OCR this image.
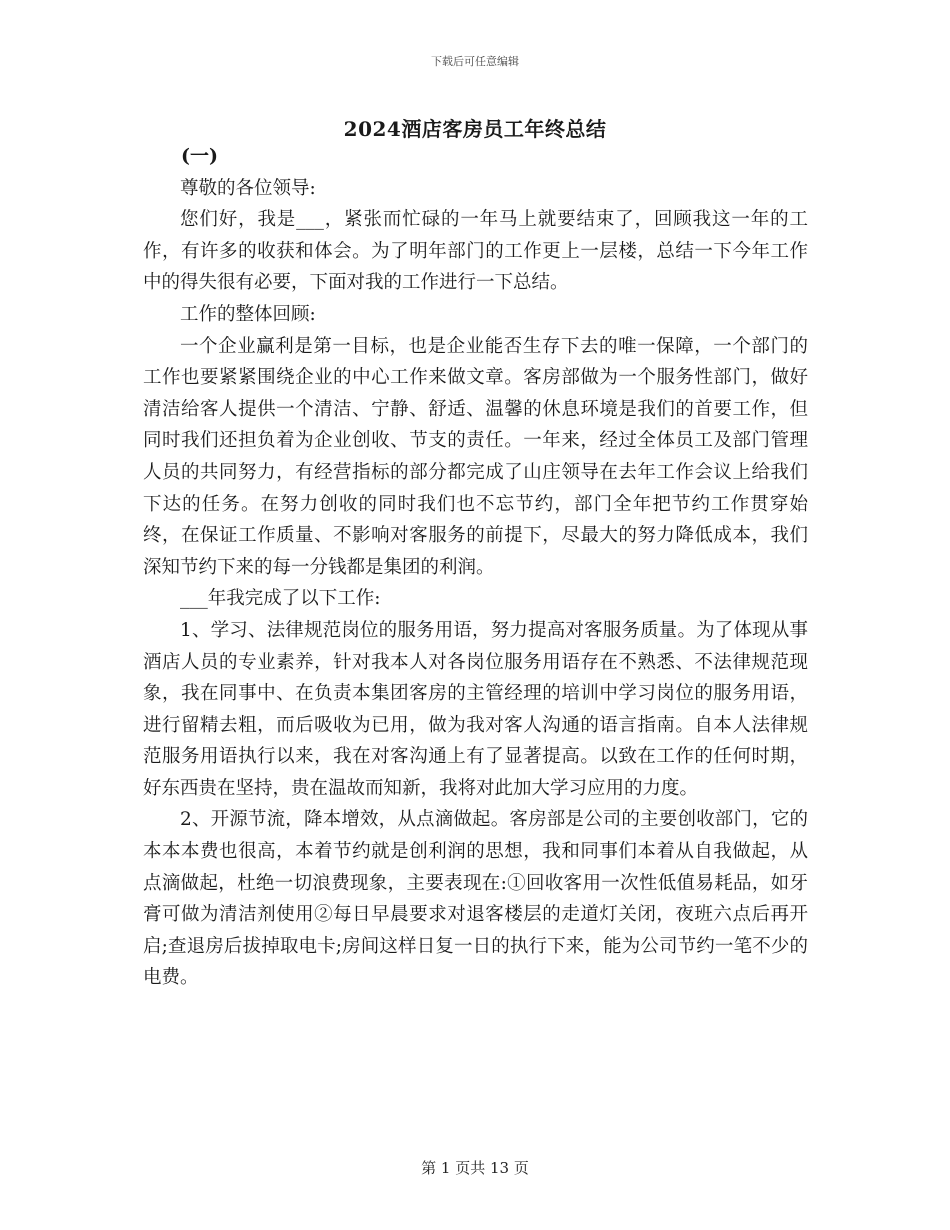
下载后可任意编辑
2024酒店客房员工年终总结

(一)

尊敬的各位领导:

您们好，我是___，紧张而忙碌的一年马上就要结束了，回顾我这一年的工作，有许多的收获和体会。为了明年部门的工作更上一层楼，总结一下今年工作中的得失很有必要，下面对我的工作进行一下总结。

工作的整体回顾:

一个企业赢利是第一目标，也是企业能否生存下去的唯一保障，一个部门的工作也要紧紧围绕企业的中心工作来做文章。客房部做为一个服务性部门，做好清洁给客人提供一个清洁、宁静、舒适、温馨的休息环境是我们的首要工作，但同时我们还担负着为企业创收、节支的责任。一年来，经过全体员工及部门管理人员的共同努力，有经营指标的部分都完成了山庄领导在去年工作会议上给我们下达的任务。在努力创收的同时我们也不忘节约，部门全年把节约工作贯穿始终，在保证工作质量、不影响对客服务的前提下，尽最大的努力降低成本，我们深知节约下来的每一分钱都是集团的利润。

___年我完成了以下工作:

1、学习、法律规范岗位的服务用语，努力提高对客服务质量。为了体现从事酒店人员的专业素养，针对我本人对各岗位服务用语存在不熟悉、不法律规范现象，我在同事中、在负责本集团客房的主管经理的培训中学习岗位的服务用语，进行留精去粗，而后吸收为已用，做为我对客人沟通的语言指南。自本人法律规范服务用语执行以来，我在对客沟通上有了显著提高。以致在工作的任何时期，好东西贵在坚持，贵在温故而知新，我将对此加大学习应用的力度。

2、开源节流，降本增效，从点滴做起。客房部是公司的主要创收部门，它的本本本费也很高，本着节约就是创利润的思想，我和同事们本着从自我做起，从点滴做起，杜绝一切浪费现象，主要表现在:①回收客用一次性低值易耗品，如牙膏可做为清洁剂使用②每日早晨要求对退客楼层的走道灯关闭，夜班六点后再开启;查退房后拔掉取电卡;房间这样日复一日的执行下来，能为公司节约一笔不少的电费。

第 1 页共 13 页
